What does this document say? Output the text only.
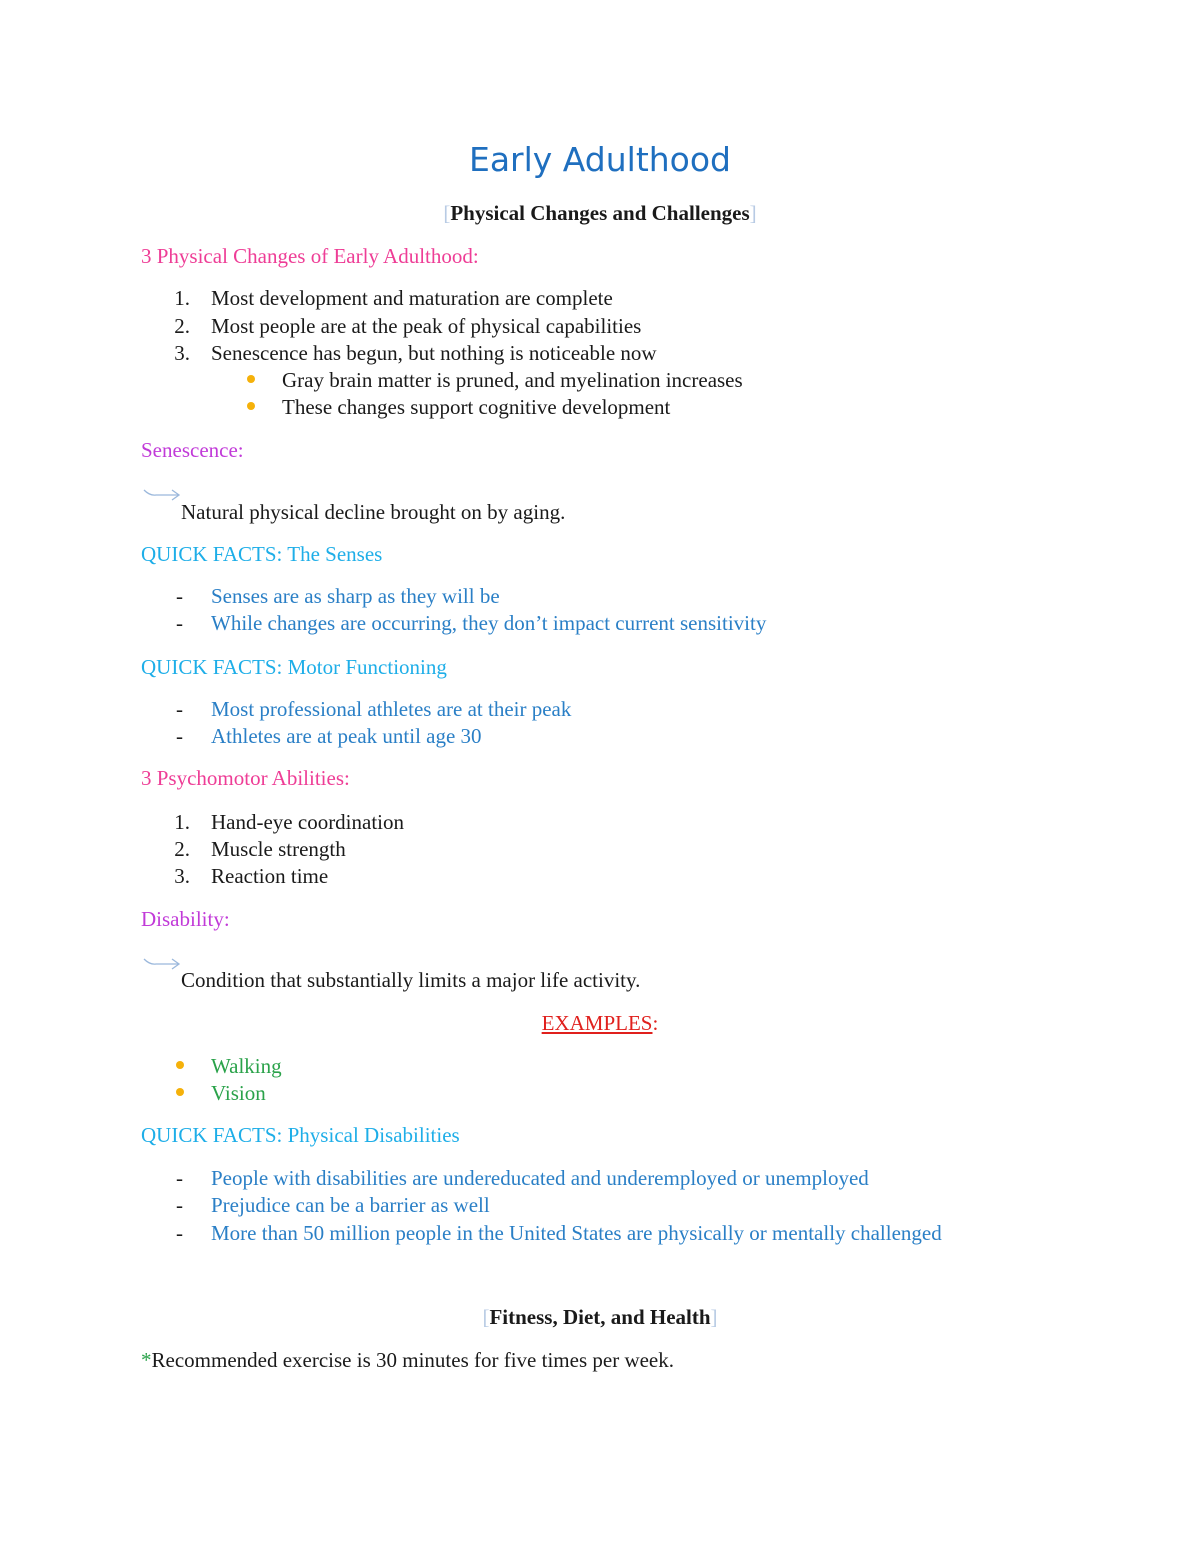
Early Adulthood
[Physical Changes and Challenges]
3 Physical Changes of Early Adulthood:
1. Most development and maturation are complete
2. Most people are at the peak of physical capabilities
3. Senescence has begun, but nothing is noticeable now
Gray brain matter is pruned, and myelination increases
These changes support cognitive development
Senescence:
Natural physical decline brought on by aging.
QUICK FACTS: The Senses
- Senses are as sharp as they will be
- While changes are occurring, they don’t impact current sensitivity
QUICK FACTS: Motor Functioning
- Most professional athletes are at their peak
- Athletes are at peak until age 30
3 Psychomotor Abilities:
1. Hand-eye coordination
2. Muscle strength
3. Reaction time
Disability:
Condition that substantially limits a major life activity.
EXAMPLES:
Walking
Vision
QUICK FACTS: Physical Disabilities
- People with disabilities are undereducated and underemployed or unemployed
- Prejudice can be a barrier as well
- More than 50 million people in the United States are physically or mentally challenged
[Fitness, Diet, and Health]
*Recommended exercise is 30 minutes for five times per week.
